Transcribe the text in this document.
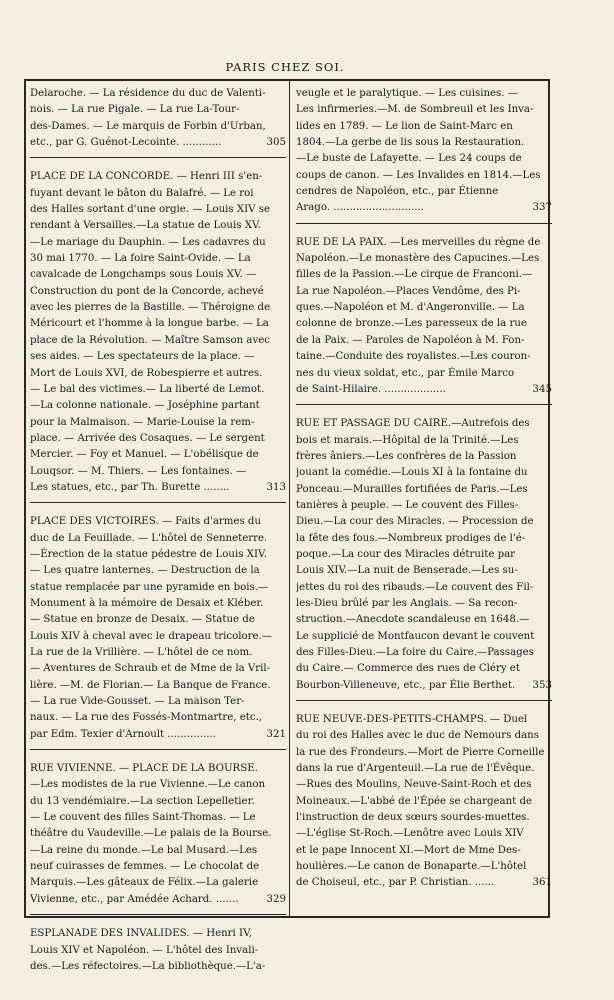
PARIS CHEZ SOI.
Delaroche. — La résidence du duc de Valenti-
nois. — La rue Pigale. — La rue La-Tour-
des-Dames. — Le marquis de Forbin d'Urban,
305
etc., par G. Guénot-Lecointe. ............
PLACE DE LA CONCORDE. — Henri III s'en-
fuyant devant le bâton du Balafré. — Le roi
des Halles sortant d'une orgie. — Louis XIV se
rendant à Versailles.—La statue de Louis XV.
—Le mariage du Dauphin. — Les cadavres du
30 mai 1770. — La foire Saint-Ovide. — La
cavalcade de Longchamps sous Louis XV. —
Construction du pont de la Concorde, achevé
avec les pierres de la Bastille. — Théroigne de
Méricourt et l'homme à la longue barbe. — La
place de la Révolution. — Maître Samson avec
ses aides. — Les spectateurs de la place. —
Mort de Louis XVI, de Robespierre et autres.
— Le bal des victimes.— La liberté de Lemot.
—La colonne nationale. — Joséphine partant
pour la Malmaison. — Marie-Louise la rem-
place. — Arrivée des Cosaques. — Le sergent
Mercier. — Foy et Manuel. — L'obélisque de
Louqsor. — M. Thiers. — Les fontaines. —
313
Les statues, etc., par Th. Burette ........
PLACE DES VICTOIRES. — Faits d'armes du
duc de La Feuillade. — L'hôtel de Senneterre.
—Érection de la statue pédestre de Louis XIV.
— Les quatre lanternes. — Destruction de la
statue remplacée par une pyramide en bois.—
Monument à la mémoire de Desaix et Kléber.
— Statue en bronze de Desaix. — Statue de
Louis XIV à cheval avec le drapeau tricolore.—
La rue de la Vrillière. — L'hôtel de ce nom.
— Aventures de Schraub et de Mme de la Vril-
lière. —M. de Florian.— La Banque de France.
— La rue Vide-Gousset. — La maison Ter-
naux. — La rue des Fossés-Montmartre, etc.,
321
par Edm. Texier d'Arnoult ...............
RUE VIVIENNE. — PLACE DE LA BOURSE.
—Les modistes de la rue Vivienne.—Le canon
du 13 vendémiaire.—La section Lepelletier.
— Le couvent des filles Saint-Thomas. — Le
théâtre du Vaudeville.—Le palais de la Bourse.
—La reine du monde.—Le bal Musard.—Les
neuf cuirasses de femmes. — Le chocolat de
Marquis.—Les gâteaux de Félix.—La galerie
329
Vivienne, etc., par Amédée Achard. .......
ESPLANADE DES INVALIDES. — Henri IV,
Louis XIV et Napoléon. — L'hôtel des Invali-
des.—Les réfectoires.—La bibliothèque.—L'a-
veugle et le paralytique. — Les cuisines. —
Les infirmeries.—M. de Sombreuil et les Inva-
lides en 1789. — Le lion de Saint-Marc en
1804.—La gerbe de lis sous la Restauration.
—Le buste de Lafayette. — Les 24 coups de
coups de canon. — Les Invalides en 1814.—Les
cendres de Napoléon, etc., par Étienne
337
Arago. ............................
RUE DE LA PAIX. —Les merveilles du règne de
Napoléon.—Le monastère des Capucines.—Les
filles de la Passion.—Le cirque de Franconi.—
La rue Napoléon.—Places Vendôme, des Pi-
ques.—Napoléon et M. d'Angeronville. — La
colonne de bronze.—Les paresseux de la rue
de la Paix. — Paroles de Napoléon à M. Fon-
taine.—Conduite des royalistes.—Les couron-
nes du vieux soldat, etc., par Émile Marco
345
de Saint-Hilaire. ...................
RUE ET PASSAGE DU CAIRE.—Autrefois des
bois et marais.—Hôpital de la Trinité.—Les
frères âniers.—Les confrères de la Passion
jouant la comédie.—Louis XI à la fontaine du
Ponceau.—Murailles fortifiées de Paris.—Les
tanières à peuple. — Le couvent des Filles-
Dieu.—La cour des Miracles. — Procession de
la fête des fous.—Nombreux prodiges de l'é-
poque.—La cour des Miracles détruite par
Louis XIV.—La nuit de Benserade.—Les su-
jettes du roi des ribauds.—Le couvent des Fil-
les-Dieu brûlé par les Anglais. — Sa recon-
struction.—Anecdote scandaleuse en 1648.—
Le supplicié de Montfaucon devant le couvent
des Filles-Dieu.—La foire du Caire.—Passages
du Caire.— Commerce des rues de Cléry et
353
Bourbon-Villeneuve, etc., par Élie Berthet.
RUE NEUVE-DES-PETITS-CHAMPS. — Duel
du roi des Halles avec le duc de Nemours dans
la rue des Frondeurs.—Mort de Pierre Corneille
dans la rue d'Argenteuil.—La rue de l'Évêque.
—Rues des Moulins, Neuve-Saint-Roch et des
Moineaux.—L'abbé de l'Épée se chargeant de
l'instruction de deux sœurs sourdes-muettes.
—L'église St-Roch.—Lenôtre avec Louis XIV
et le pape Innocent XI.—Mort de Mme Des-
houlières.—Le canon de Bonaparte.—L'hôtel
361
de Choiseul, etc., par P. Christian. ......
